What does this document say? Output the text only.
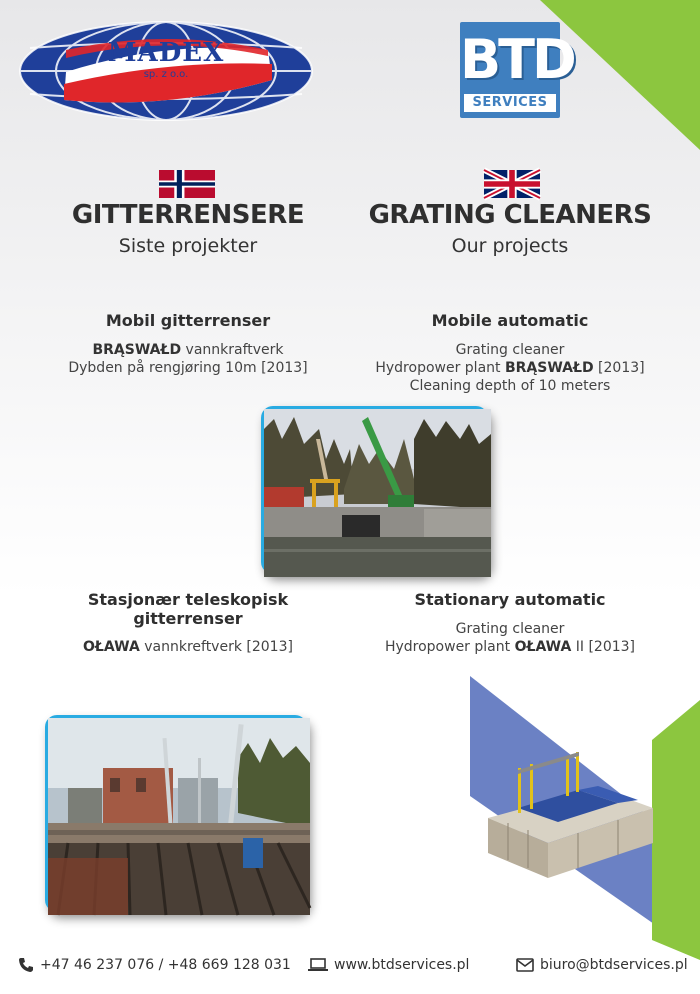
MADEX
sp. z o.o.	BTD
SERVICES
GITTERRENSERE
Siste projekter
GRATING CLEANERS
Our projects
Mobil gitterrenser
BRĄSWAŁD vannkraftverk
Dybden på rengjøring 10m [2013]
Mobile automatic
Grating cleaner
Hydropower plant BRĄSWAŁD [2013]
Cleaning depth of 10 meters
Stasjonær teleskopisk
gitterrenser
OŁAWA vannkreftverk [2013]
Stationary automatic
Grating cleaner
Hydropower plant OŁAWA II [2013]
+47 46 237 076 / +48 669 128 031	www.btdservices.pl	biuro@btdservices.pl
